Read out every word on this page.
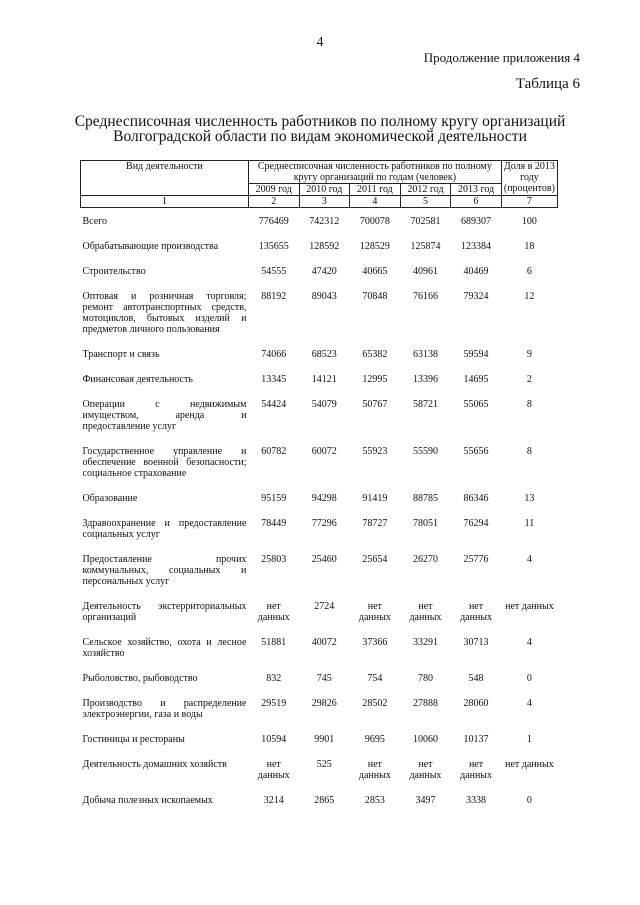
4
Продолжение приложения 4
Таблица 6
Среднесписочная численность работников по полному кругу организаций
Волгоградской области по видам экономической деятельности
Вид деятельности	Среднесписочная численность работников по полному кругу организаций по годам (человек)					Доля в 2013 году (процентов)
	2009 год	2010 год	2011 год	2012 год	2013 год	
1	2	3	4	5	6	7
Всего	776469	742312	700078	702581	689307	100
Обрабатывающие производства	135655	128592	128529	125874	123384	18
Строительство	54555	47420	40665	40961	40469	6
Оптовая и розничная торговля; ремонт автотранспортных средств, мотоциклов, бытовых изделий и предметов личного пользования	88192	89043	70848	76166	79324	12
Транспорт и связь	74066	68523	65382	63138	59594	9
Финансовая деятельность	13345	14121	12995	13396	14695	2
Операции с недвижимым имуществом, аренда и предоставление услуг	54424	54079	50767	58721	55065	8
Государственное управление и обеспечение военной безопасности; социальное страхование	60782	60072	55923	55590	55656	8
Образование	95159	94298	91419	88785	86346	13
Здравоохранение и предоставление социальных услуг	78449	77296	78727	78051	76294	11
Предоставление прочих коммунальных, социальных и персональных услуг	25803	25460	25654	26270	25776	4
Деятельность экстерриториальных организаций	нет данных	2724	нет данных	нет данных	нет данных	нет данных
Сельское хозяйство, охота и лесное хозяйство	51881	40072	37366	33291	30713	4
Рыболовство, рыбоводство	832	745	754	780	548	0
Производство и распределение электроэнергии, газа и воды	29519	29826	28502	27888	28060	4
Гостиницы и рестораны	10594	9901	9695	10060	10137	1
Деятельность домашних хозяйств	нет данных	525	нет данных	нет данных	нет данных	нет данных
Добыча полезных ископаемых	3214	2865	2853	3497	3338	0
